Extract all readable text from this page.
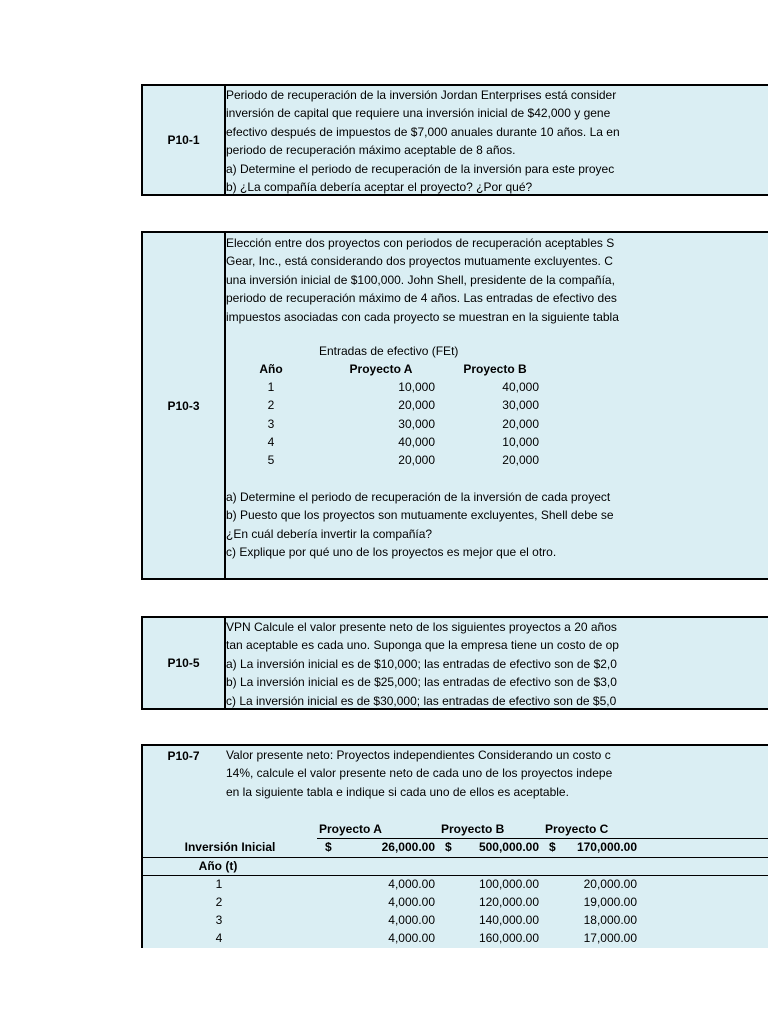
P10-1
Periodo de recuperación de la inversión Jordan Enterprises está consider
inversión de capital que requiere una inversión inicial de $42,000 y gene
efectivo después de impuestos de $7,000 anuales durante 10 años. La en
periodo de recuperación máximo aceptable de 8 años.
a) Determine el periodo de recuperación de la inversión para este proyec
b) ¿La compañía debería aceptar el proyecto? ¿Por qué?
P10-3
Elección entre dos proyectos con periodos de recuperación aceptables S
Gear, Inc., está considerando dos proyectos mutuamente excluyentes. C
una inversión inicial de $100,000. John Shell, presidente de la compañía,
periodo de recuperación máximo de 4 años. Las entradas de efectivo des
impuestos asociadas con cada proyecto se muestran en la siguiente tabla
Entradas de efectivo (FEt)
Año	Proyecto A	Proyecto B
1	10,000	40,000
2	20,000	30,000
3	30,000	20,000
4	40,000	10,000
5	20,000	20,000
a) Determine el periodo de recuperación de la inversión de cada proyect
b) Puesto que los proyectos son mutuamente excluyentes, Shell debe se
¿En cuál debería invertir la compañía?
c) Explique por qué uno de los proyectos es mejor que el otro.
P10-5
VPN Calcule el valor presente neto de los siguientes proyectos a 20 años
tan aceptable es cada uno. Suponga que la empresa tiene un costo de op
a) La inversión inicial es de $10,000; las entradas de efectivo son de $2,0
b) La inversión inicial es de $25,000; las entradas de efectivo son de $3,0
c) La inversión inicial es de $30,000; las entradas de efectivo son de $5,0
P10-7	Valor presente neto: Proyectos independientes Considerando un costo c
14%, calcule el valor presente neto de cada uno de los proyectos indepe
en la siguiente tabla e indique si cada uno de ellos es aceptable.
Proyecto A	Proyecto B	Proyecto C
Inversión Inicial	$	26,000.00 $	500,000.00 $	170,000.00
Año (t)
1	4,000.00	100,000.00	20,000.00
2	4,000.00	120,000.00	19,000.00
3	4,000.00	140,000.00	18,000.00
4	4,000.00	160,000.00	17,000.00
